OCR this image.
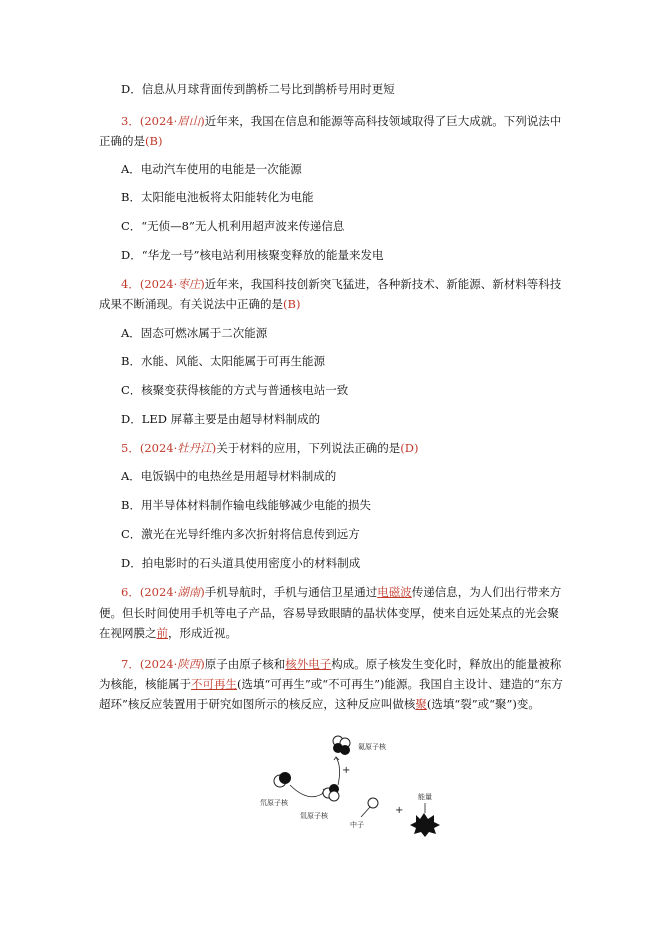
D．信息从月球背面传到鹊桥二号比到鹊桥号用时更短
3．(2024·眉山)近年来，我国在信息和能源等高科技领域取得了巨大成就。下列说法中
正确的是(B)
A．电动汽车使用的电能是一次能源
B．太阳能电池板将太阳能转化为电能
C．“无侦—8”无人机利用超声波来传递信息
D．“华龙一号”核电站利用核聚变释放的能量来发电
4．(2024·枣庄)近年来，我国科技创新突飞猛进，各种新技术、新能源、新材料等科技
成果不断涌现。有关说法中正确的是(B)
A．固态可燃冰属于二次能源
B．水能、风能、太阳能属于可再生能源
C．核聚变获得核能的方式与普通核电站一致
D．LED 屏幕主要是由超导材料制成的
5．(2024·牡丹江)关于材料的应用，下列说法正确的是(D)
A．电饭锅中的电热丝是用超导材料制成的
B．用半导体材料制作输电线能够减少电能的损失
C．激光在光导纤维内多次折射将信息传到远方
D．拍电影时的石头道具使用密度小的材料制成
6．(2024·湖南)手机导航时，手机与通信卫星通过电磁波传递信息，为人们出行带来方
便。但长时间使用手机等电子产品，容易导致眼睛的晶状体变厚，使来自远处某点的光会聚
在视网膜之前，形成近视。
7．(2024·陕西)原子由原子核和核外电子构成。原子核发生变化时，释放出的能量被称
为核能，核能属于不可再生(选填“可再生”或“不可再生”)能源。我国自主设计、建造的“东方
超环”核反应装置用于研究如图所示的核反应，这种反应叫做核聚(选填“裂”或“聚”)变。
氘原子核
氚原子核
氦原子核
+
中子
+
能量
